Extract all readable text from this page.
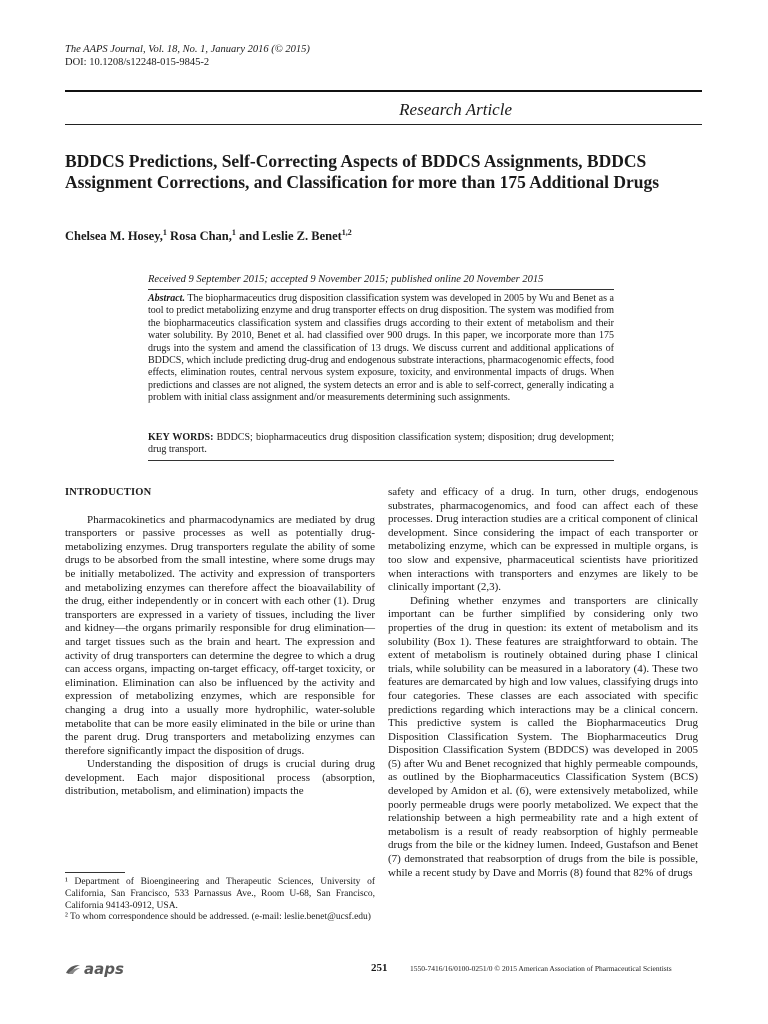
The AAPS Journal, Vol. 18, No. 1, January 2016 (© 2015)
DOI: 10.1208/s12248-015-9845-2
Research Article
BDDCS Predictions, Self-Correcting Aspects of BDDCS Assignments, BDDCS Assignment Corrections, and Classification for more than 175 Additional Drugs
Chelsea M. Hosey,$^1$ Rosa Chan,$^1$ and Leslie Z. Benet$^{1,2}$
Received 9 September 2015; accepted 9 November 2015; published online 20 November 2015
Abstract. The biopharmaceutics drug disposition classification system was developed in 2005 by Wu and Benet as a tool to predict metabolizing enzyme and drug transporter effects on drug disposition. The system was modified from the biopharmaceutics classification system and classifies drugs according to their extent of metabolism and their water solubility. By 2010, Benet et al. had classified over 900 drugs. In this paper, we incorporate more than 175 drugs into the system and amend the classification of 13 drugs. We discuss current and additional applications of BDDCS, which include predicting drug-drug and endogenous substrate interactions, pharmacogenomic effects, food effects, elimination routes, central nervous system exposure, toxicity, and environmental impacts of drugs. When predictions and classes are not aligned, the system detects an error and is able to self-correct, generally indicating a problem with initial class assignment and/or measurements determining such assignments.
KEY WORDS: BDDCS; biopharmaceutics drug disposition classification system; disposition; drug development; drug transport.
INTRODUCTION

Pharmacokinetics and pharmacodynamics are mediated by drug transporters or passive processes as well as potentially drug-metabolizing enzymes. Drug transporters regulate the ability of some drugs to be absorbed from the small intestine, where some drugs may be initially metabolized. The activity and expression of transporters and metabolizing enzymes can therefore affect the bioavailability of the drug, either independently or in concert with each other (1). Drug transporters are expressed in a variety of tissues, including the liver and kidney—the organs primarily responsible for drug elimination—and target tissues such as the brain and heart. The expression and activity of drug transporters can determine the degree to which a drug can access organs, impacting on-target efficacy, off-target toxicity, or elimination. Elimination can also be influenced by the activity and expression of metabolizing enzymes, which are responsible for changing a drug into a usually more hydrophilic, water-soluble metabolite that can be more easily eliminated in the bile or urine than the parent drug. Drug transporters and metabolizing enzymes can therefore significantly impact the disposition of drugs.

Understanding the disposition of drugs is crucial during drug development. Each major dispositional process (absorption, distribution, metabolism, and elimination) impacts the

safety and efficacy of a drug. In turn, other drugs, endogenous substrates, pharmacogenomics, and food can affect each of these processes. Drug interaction studies are a critical component of clinical development. Since considering the impact of each transporter or metabolizing enzyme, which can be expressed in multiple organs, is too slow and expensive, pharmaceutical scientists have prioritized when interactions with transporters and enzymes are likely to be clinically important (2,3).

Defining whether enzymes and transporters are clinically important can be further simplified by considering only two properties of the drug in question: its extent of metabolism and its solubility (Box 1). These features are straightforward to obtain. The extent of metabolism is routinely obtained during phase I clinical trials, while solubility can be measured in a laboratory (4). These two features are demarcated by high and low values, classifying drugs into four categories. These classes are each associated with specific predictions regarding which interactions may be a clinical concern. This predictive system is called the Biopharmaceutics Drug Disposition Classification System. The Biopharmaceutics Drug Disposition Classification System (BDDCS) was developed in 2005 (5) after Wu and Benet recognized that highly permeable compounds, as outlined by the Biopharmaceutics Classification System (BCS) developed by Amidon et al. (6), were extensively metabolized, while poorly permeable drugs were poorly metabolized. We expect that the relationship between a high permeability rate and a high extent of metabolism is a result of ready reabsorption of highly permeable drugs from the bile or the kidney lumen. Indeed, Gustafson and Benet (7) demonstrated that reabsorption of drugs from the bile is possible, while a recent study by Dave and Morris (8) found that 82% of drugs

¹ Department of Bioengineering and Therapeutic Sciences, University of California, San Francisco, 533 Parnassus Ave., Room U-68, San Francisco, California 94143-0912, USA.

² To whom correspondence should be addressed. (e-mail: leslie.benet@ucsf.edu)

aaps	251	1550-7416/16/0100-0251/0 © 2015 American Association of Pharmaceutical Scientists
